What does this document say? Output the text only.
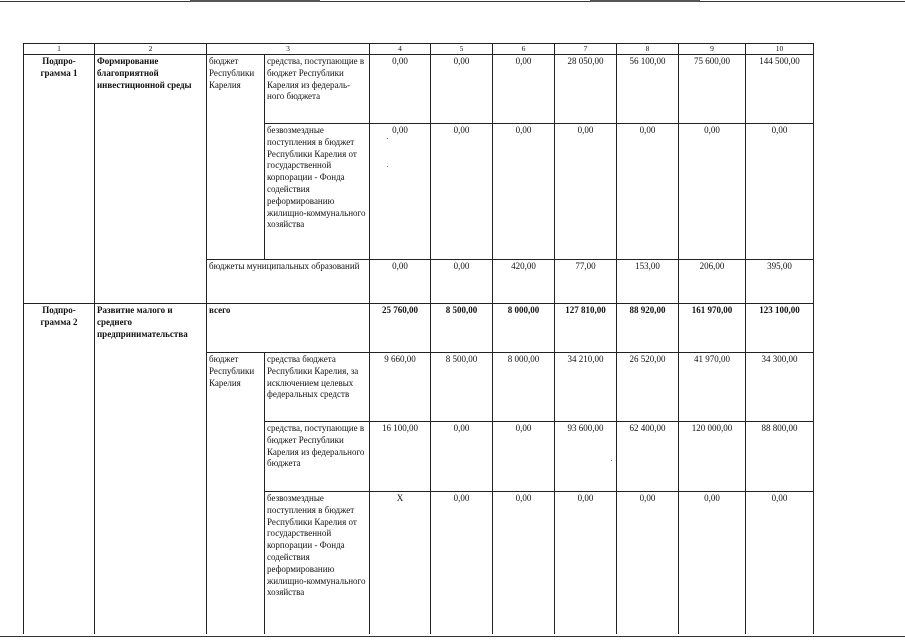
1	2	3		4	5	6	7	8	9	10
Подпро-
грамма 1	Формирование благоприятной инвестиционной среды	бюджет Республики Карелия	средства, поступающие в бюджет Республики Карелия из федераль-ного бюджета	0,00	0,00	0,00	28 050,00	56 100,00	75 600,00	144 500,00
			безвозмездные поступления в бюджет Республики Карелия от государственной корпорации - Фонда содействия реформированию жилищно-коммунального хозяйства	0,00	0,00	0,00	0,00	0,00	0,00	0,00
		бюджеты муниципальных образований		0,00	0,00	420,00	77,00	153,00	206,00	395,00
Подпро-
грамма 2	Развитие малого и среднего предпринимательства	всего		25 760,00	8 500,00	8 000,00	127 810,00	88 920,00	161 970,00	123 100,00
		бюджет Республики Карелия	средства бюджета Республики Карелия, за исключением целевых федеральных средств	9 660,00	8 500,00	8 000,00	34 210,00	26 520,00	41 970,00	34 300,00
			средства, поступающие в бюджет Республики Карелия из федерального бюджета	16 100,00	0,00	0,00	93 600,00	62 400,00	120 000,00	88 800,00
			безвозмездные поступления в бюджет Республики Карелия от государственной корпорации - Фонда содействия реформированию жилищно-коммунального хозяйства	Х	0,00	0,00	0,00	0,00	0,00	0,00
